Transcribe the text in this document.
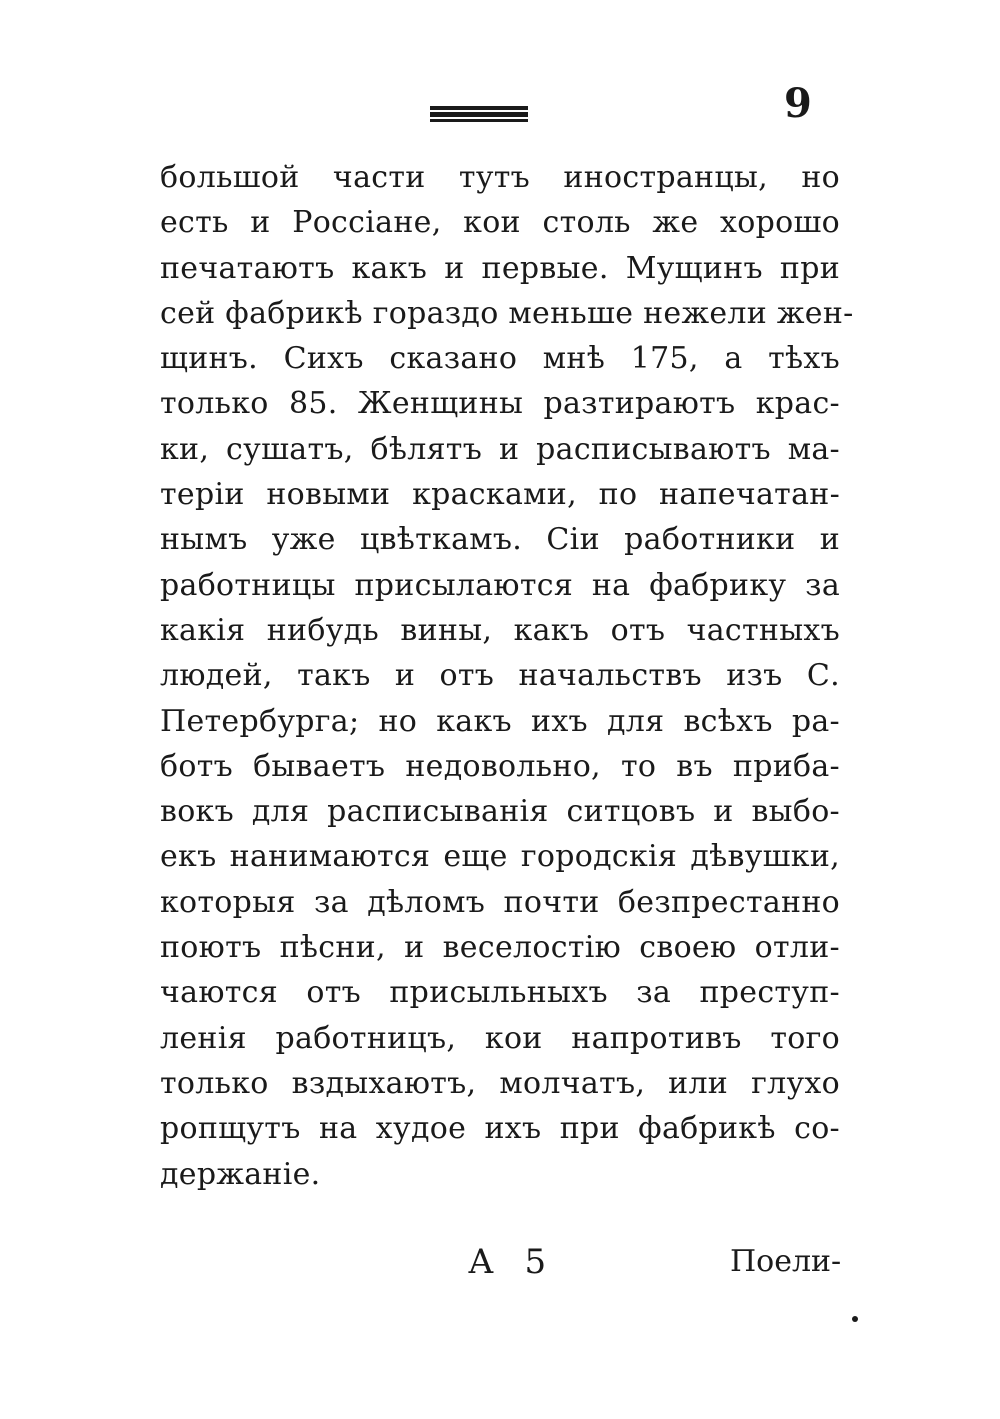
9
большой части тутъ иностранцы, но
есть и Россiане, кои столь же хорошо
печатаютъ какъ и первые. Мущинъ при
сей фабрикѣ гораздо меньше нежели жен-
щинъ. Сихъ сказано мнѣ 175, а тѣхъ
только 85. Женщины разтираютъ крас-
ки, сушатъ, бѣлятъ и расписываютъ ма-
терiи новыми красками, по напечатан-
нымъ уже цвѣткамъ. Сiи работники и
работницы присылаются на фабрику за
какiя нибудь вины, какъ отъ частныхъ
людей, такъ и отъ начальствъ изъ С.
Петербурга; но какъ ихъ для всѣхъ ра-
ботъ бываетъ недовольно, то въ приба-
вокъ для расписыванiя ситцовъ и выбо-
екъ нанимаются еще городскiя дѣвушки,
которыя за дѣломъ почти безпрестанно
поютъ пѣсни, и веселостiю своею отли-
чаются отъ присыльныхъ за преступ-
ленiя работницъ, кои напротивъ того
только вздыхаютъ, молчатъ, или глухо
ропщутъ на худое ихъ при фабрикѣ со-
держанiе.
А 5	Поели-
